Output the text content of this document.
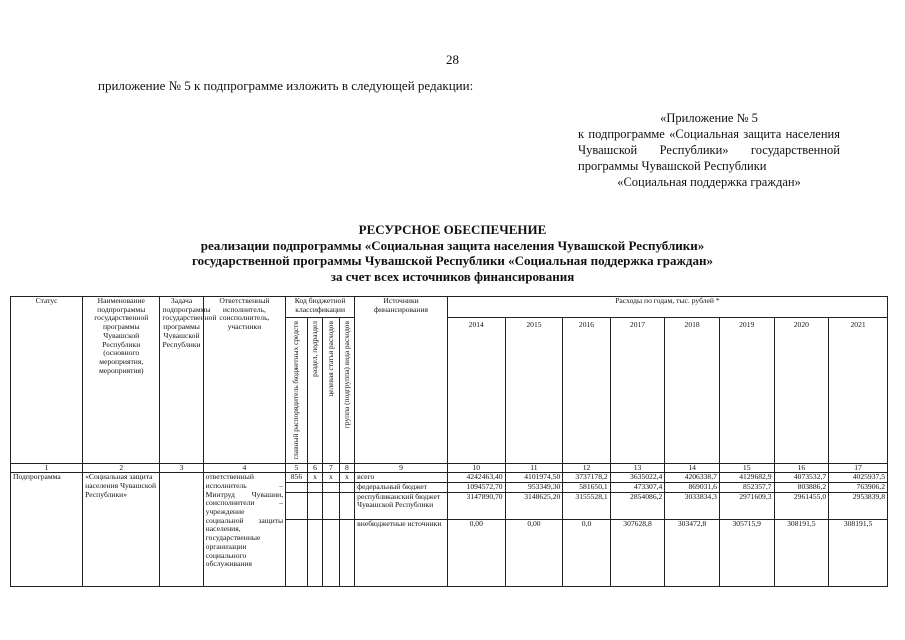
28
приложение № 5 к подпрограмме изложить в следующей редакции:
«Приложение № 5
к подпрограмме «Социальная защита населения Чувашской Республики» государственной программы Чувашской Республики
«Социальная поддержка граждан»
РЕСУРСНОЕ ОБЕСПЕЧЕНИЕ
реализации подпрограммы «Социальная защита населения Чувашской Республики»
государственной программы Чувашской Республики «Социальная поддержка граждан»
за счет всех источников финансирования
Статус	Наименование подпрограммы государственной программы Чувашской Республики (основного мероприятия, мероприятия)	Задача подпрограммы государственной программы Чувашской Республики	Ответственный исполнитель, соисполнитель, участники	Код бюджетной классификации				Источники финансирования	Расходы по годам, тыс. рублей *							

				главный распорядитель бюджетных средств	раздел, подраздел	целевая статья расходов	группа (подгруппа) вида расходов		2014	2015	2016	2017	2018	2019	2020	2021
1	2	3	4	5	6	7	8	9	10	11	12	13	14	15	16	17
Подпрограмма	«Социальная защита населения Чувашской Республики»		ответственный исполнитель – Минтруд Чувашии, соисполнители – учреждение социальной защиты населения, государственные организации социального обслуживания	856	х	х	х	всего	4242463,40	4101974,50	3737178,2	3635022,4	4206338,7	4129682,9	4073532,7	4025937,5
								федеральный бюджет	1094572,70	953349,30	581650,1	473307,4	869031,6	852357,7	803886,2	763906,2
								республиканский бюджет Чувашской Республики	3147890,70	3148625,20	3155528,1	2854086,2	3033834,3	2971609,3	2961455,0	2953839,8
								внебюджетные источники	0,00	0,00	0,0	307628,8	303472,8	305715,9	308191,5	308191,5
